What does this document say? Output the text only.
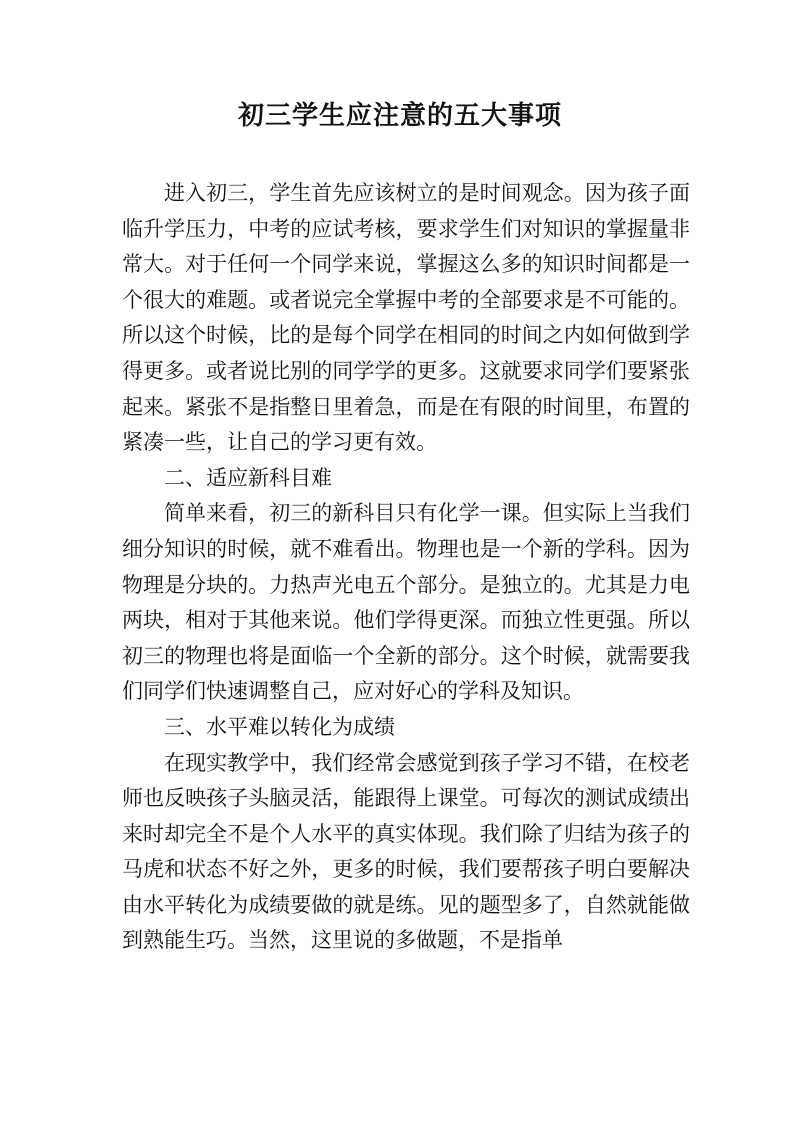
初三学生应注意的五大事项

进入初三，学生首先应该树立的是时间观念。因为孩子面临升学压力，中考的应试考核，要求学生们对知识的掌握量非常大。对于任何一个同学来说，掌握这么多的知识时间都是一个很大的难题。或者说完全掌握中考的全部要求是不可能的。所以这个时候，比的是每个同学在相同的时间之内如何做到学得更多。或者说比别的同学学的更多。这就要求同学们要紧张起来。紧张不是指整日里着急，而是在有限的时间里，布置的紧凑一些，让自己的学习更有效。

二、适应新科目难

简单来看，初三的新科目只有化学一课。但实际上当我们细分知识的时候，就不难看出。物理也是一个新的学科。因为物理是分块的。力热声光电五个部分。是独立的。尤其是力电两块，相对于其他来说。他们学得更深。而独立性更强。所以初三的物理也将是面临一个全新的部分。这个时候，就需要我们同学们快速调整自己，应对好心的学科及知识。

三、水平难以转化为成绩

在现实教学中，我们经常会感觉到孩子学习不错，在校老师也反映孩子头脑灵活，能跟得上课堂。可每次的测试成绩出来时却完全不是个人水平的真实体现。我们除了归结为孩子的马虎和状态不好之外，更多的时候，我们要帮孩子明白要解决由水平转化为成绩要做的就是练。见的题型多了，自然就能做到熟能生巧。当然，这里说的多做题，不是指单
